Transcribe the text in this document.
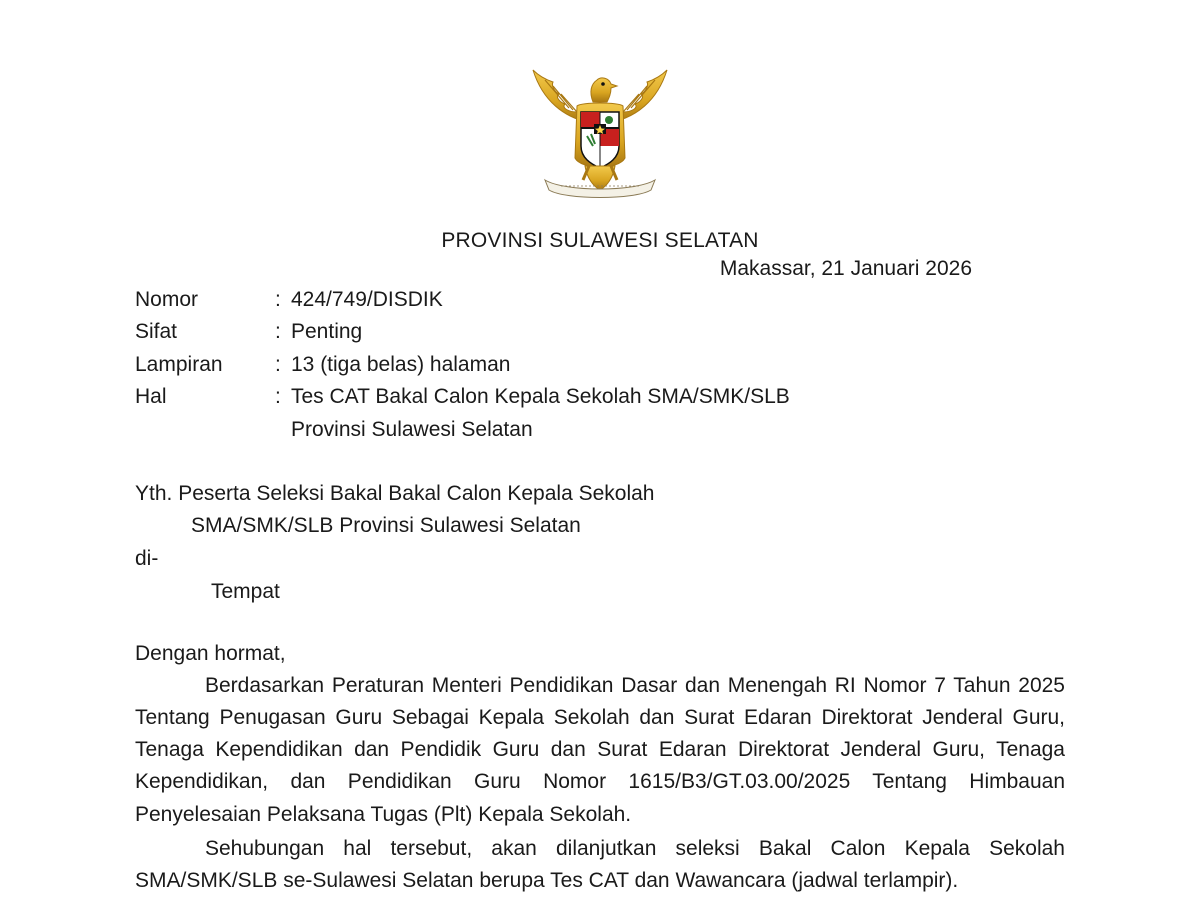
PROVINSI SULAWESI SELATAN
Makassar, 21 Januari 2026
Nomor	: 424/749/DISDIK
Sifat	: Penting
Lampiran	: 13 (tiga belas) halaman
Hal	: Tes CAT Bakal Calon Kepala Sekolah SMA/SMK/SLB
Provinsi Sulawesi Selatan
Yth. Peserta Seleksi Bakal Bakal Calon Kepala Sekolah
SMA/SMK/SLB Provinsi Sulawesi Selatan
di-
Tempat
Dengan hormat,

Berdasarkan Peraturan Menteri Pendidikan Dasar dan Menengah RI Nomor 7 Tahun 2025 Tentang Penugasan Guru Sebagai Kepala Sekolah dan Surat Edaran Direktorat Jenderal Guru, Tenaga Kependidikan dan Pendidik Guru dan Surat Edaran Direktorat Jenderal Guru, Tenaga Kependidikan, dan Pendidikan Guru Nomor 1615/B3/GT.03.00/2025 Tentang Himbauan Penyelesaian Pelaksana Tugas (Plt) Kepala Sekolah.

Sehubungan hal tersebut, akan dilanjutkan seleksi Bakal Calon Kepala Sekolah SMA/SMK/SLB se-Sulawesi Selatan berupa Tes CAT dan Wawancara (jadwal terlampir).
